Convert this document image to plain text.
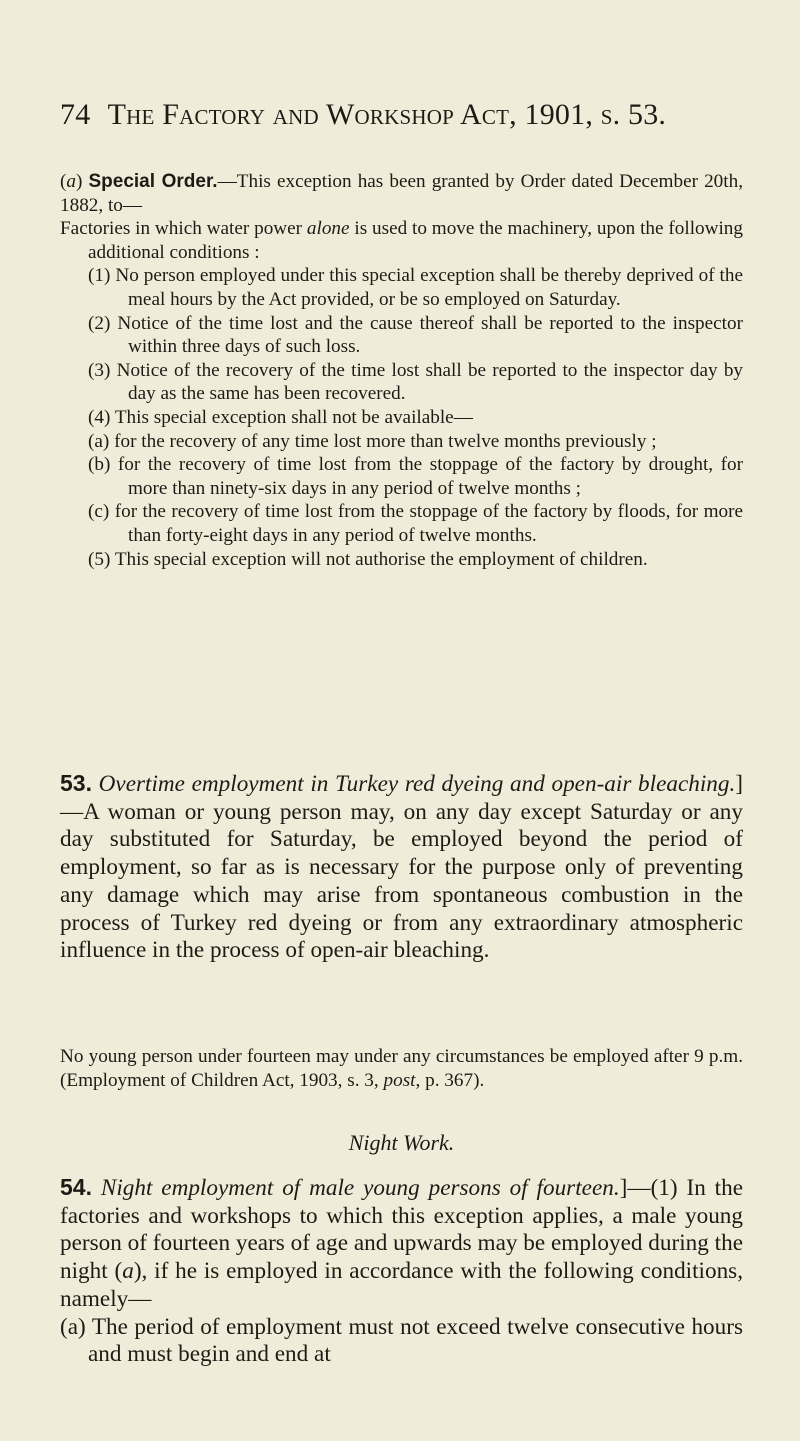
74 The Factory and Workshop Act, 1901, s. 53.

(a) Special Order.—This exception has been granted by Order dated December 20th, 1882, to—

Factories in which water power alone is used to move the machinery, upon the following additional conditions :

(1) No person employed under this special exception shall be thereby deprived of the meal hours by the Act provided, or be so employed on Saturday.

(2) Notice of the time lost and the cause thereof shall be reported to the inspector within three days of such loss.

(3) Notice of the recovery of the time lost shall be reported to the inspector day by day as the same has been recovered.

(4) This special exception shall not be available—

(a) for the recovery of any time lost more than twelve months previously ;

(b) for the recovery of time lost from the stoppage of the factory by drought, for more than ninety-six days in any period of twelve months ;

(c) for the recovery of time lost from the stoppage of the factory by floods, for more than forty-eight days in any period of twelve months.

(5) This special exception will not authorise the employment of children.

53. Overtime employment in Turkey red dyeing and open-air bleaching.]—A woman or young person may, on any day except Saturday or any day substituted for Saturday, be employed beyond the period of employment, so far as is necessary for the purpose only of preventing any damage which may arise from spontaneous combustion in the process of Turkey red dyeing or from any extraordinary atmospheric influence in the process of open-air bleaching.

No young person under fourteen may under any circumstances be employed after 9 p.m. (Employment of Children Act, 1903, s. 3, post, p. 367).

Night Work.

54. Night employment of male young persons of fourteen.]—(1) In the factories and workshops to which this exception applies, a male young person of fourteen years of age and upwards may be employed during the night (a), if he is employed in accordance with the following conditions, namely—

(a) The period of employment must not exceed twelve consecutive hours and must begin and end at
